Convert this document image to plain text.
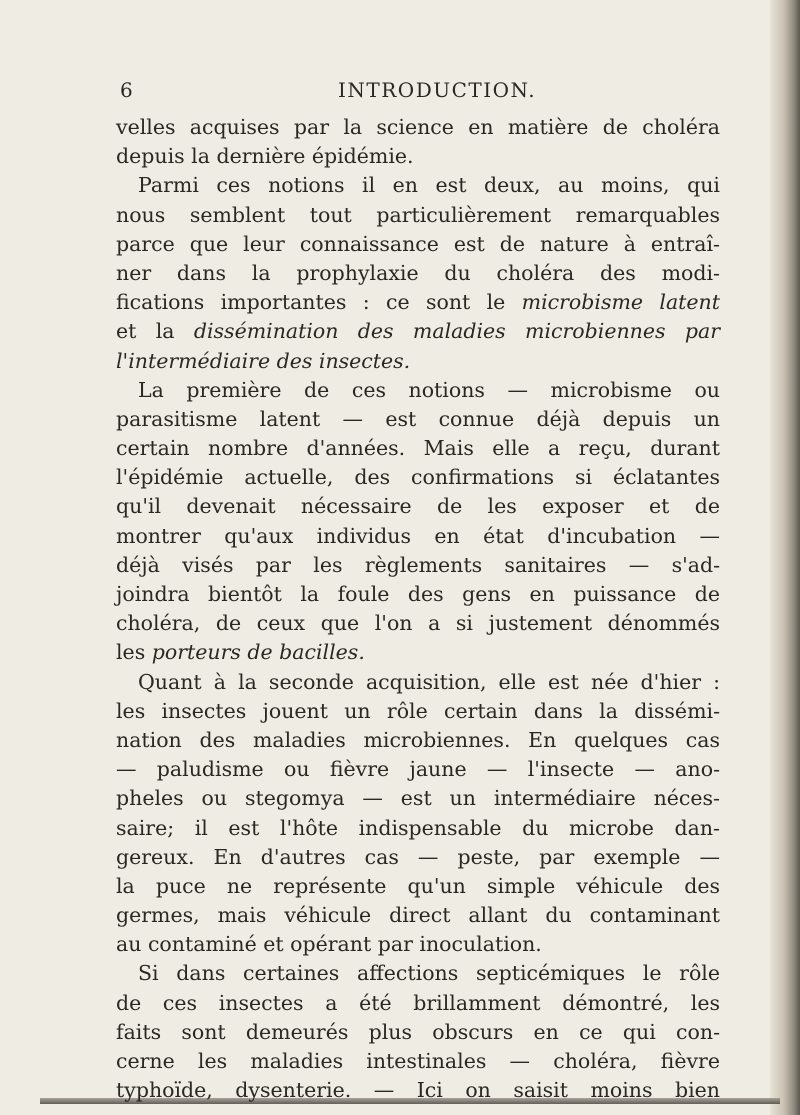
6	INTRODUCTION.
velles acquises par la science en matière de choléra
depuis la dernière épidémie.
Parmi ces notions il en est deux, au moins, qui
nous semblent tout particulièrement remarquables
parce que leur connaissance est de nature à entraî-
ner dans la prophylaxie du choléra des modi-
fications importantes : ce sont le microbisme latent
et la dissémination des maladies microbiennes par
l'intermédiaire des insectes.
La première de ces notions — microbisme ou
parasitisme latent — est connue déjà depuis un
certain nombre d'années. Mais elle a reçu, durant
l'épidémie actuelle, des confirmations si éclatantes
qu'il devenait nécessaire de les exposer et de
montrer qu'aux individus en état d'incubation —
déjà visés par les règlements sanitaires — s'ad-
joindra bientôt la foule des gens en puissance de
choléra, de ceux que l'on a si justement dénommés
les porteurs de bacilles.
Quant à la seconde acquisition, elle est née d'hier :
les insectes jouent un rôle certain dans la dissémi-
nation des maladies microbiennes. En quelques cas
— paludisme ou fièvre jaune — l'insecte — ano-
pheles ou stegomya — est un intermédiaire néces-
saire; il est l'hôte indispensable du microbe dan-
gereux. En d'autres cas — peste, par exemple —
la puce ne représente qu'un simple véhicule des
germes, mais véhicule direct allant du contaminant
au contaminé et opérant par inoculation.
Si dans certaines affections septicémiques le rôle
de ces insectes a été brillamment démontré, les
faits sont demeurés plus obscurs en ce qui con-
cerne les maladies intestinales — choléra, fièvre
typhoïde, dysenterie. — Ici on saisit moins bien
